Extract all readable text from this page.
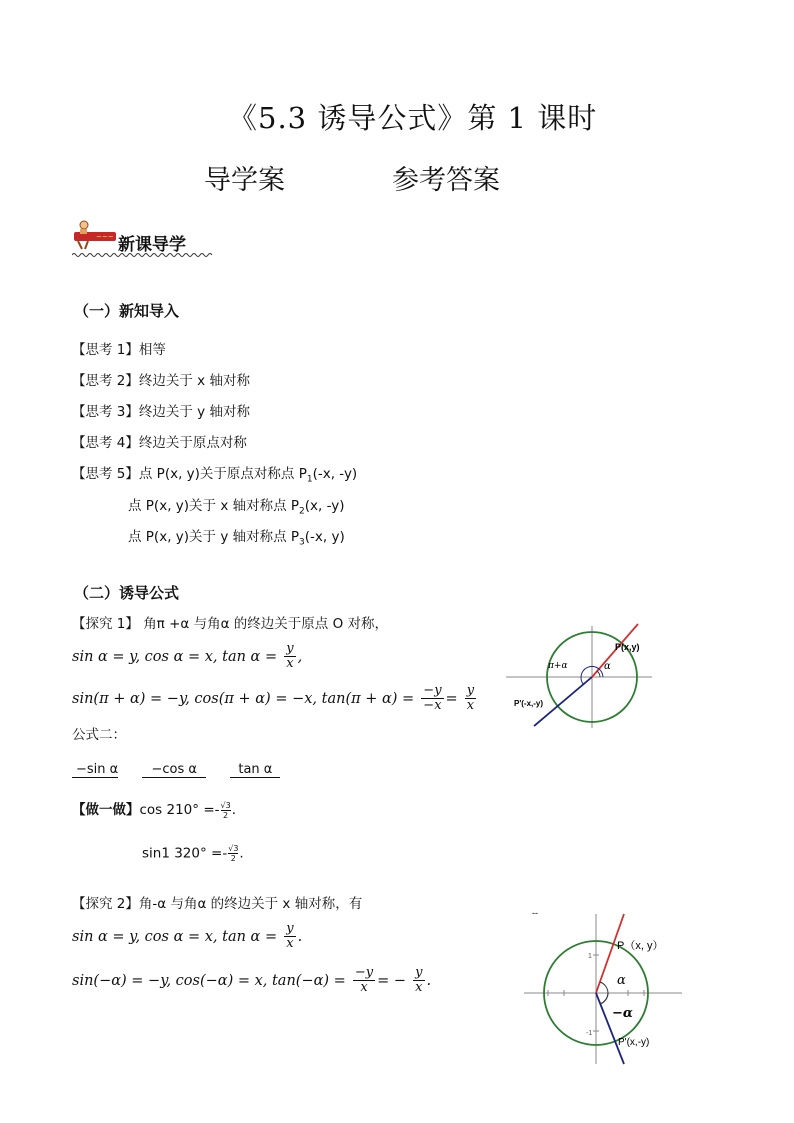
《5.3 诱导公式》第 1 课时
导学案	参考答案
~~~ 新课导学
（一）新知导入
【思考 1】相等
【思考 2】终边关于 x 轴对称
【思考 3】终边关于 y 轴对称
【思考 4】终边关于原点对称
【思考 5】点 P(x, y)关于原点对称点 $P_1(-x$, -y)
点 P(x, y)关于 x 轴对称点 $P_2(x$, -y)
点 P(x, y)关于 y 轴对称点 $P_3(-x$, y)
（二）诱导公式
【探究 1】 角π +α 与角α 的终边关于原点 O 对称，
sin α = y, cos α = x, $\tan \alpha = \frac{y}{x}$ ,
sin(π + α) = −y, cos(π + α) = −x, $\tan(\pi + \alpha) = \frac{-y}{-x} = \frac{y}{x}$
公式二：
−sin α	−cos α	tan α
【做一做】$\cos 210^\circ =- \frac{√3}{2}$.
sin1 $320^\circ =- \frac{√3}{2}$.
【探究 2】角-α 与角α 的终边关于 x 轴对称，有
sin α = y, cos α = x, $\tan \alpha = \frac{y}{x}$ .
sin(−α) = −y, cos(−α) = x, $\tan(-\alpha) = \frac{-y}{x}$ = − $\frac{y}{x}$ .
P(x,y)
P'(-x,-y)
π+α	α
--
1
-1
P（x, y）
P'(x,-y)
α
−α
